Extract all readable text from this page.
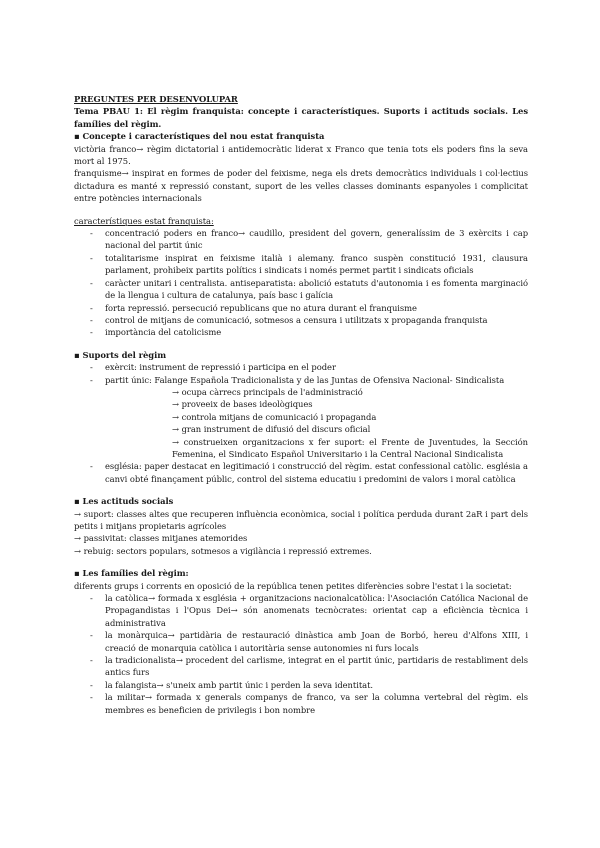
PREGUNTES PER DESENVOLUPAR

Tema PBAU 1: El règim franquista: concepte i característiques. Suports i actituds socials. Les famílies del règim.

▪ Concepte i característiques del nou estat franquista

victòria franco→ règim dictatorial i antidemocràtic liderat x Franco que tenia tots els poders fins la seva mort al 1975.

franquisme→ inspirat en formes de poder del feixisme, nega els drets democràtics individuals i col·lectius dictadura es manté x repressió constant, suport de les velles classes dominants espanyoles i complicitat entre potències internacionals

característiques estat franquista:

- concentració poders en franco→ caudillo, president del govern, generalíssim de 3 exèrcits i cap nacional del partit únic
- totalitarisme inspirat en feixisme italià i alemany. franco suspèn constitució 1931, clausura parlament, prohibeix partits polítics i sindicats i només permet partit i sindicats oficials
- caràcter unitari i centralista. antiseparatista: abolició estatuts d'autonomia i es fomenta marginació de la llengua i cultura de catalunya, país basc i galícia
- forta repressió. persecució republicans que no atura durant el franquisme
- control de mitjans de comunicació, sotmesos a censura i utilitzats x propaganda franquista
- importància del catolicisme

▪ Suports del règim

- exèrcit: instrument de repressió i participa en el poder
- partit únic: Falange Española Tradicionalista y de las Juntas de Ofensiva Nacional- Sindicalista
→ ocupa càrrecs principals de l'administració
→ proveeix de bases ideològiques
→ controla mitjans de comunicació i propaganda
→ gran instrument de difusió del discurs oficial
→ construeixen organitzacions x fer suport: el Frente de Juventudes, la Sección Femenina, el Sindicato Español Universitario i la Central Nacional Sindicalista
- església: paper destacat en legitimació i construcció del règim. estat confessional catòlic. església a canvi obté finançament públic, control del sistema educatiu i predomini de valors i moral catòlica

▪ Les actituds socials

→ suport: classes altes que recuperen influència econòmica, social i política perduda durant 2aR i part dels petits i mitjans propietaris agrícoles

→ passivitat: classes mitjanes atemorides

→ rebuig: sectors populars, sotmesos a vigilància i repressió extremes.

▪ Les famílies del règim:

diferents grups i corrents en oposició de la república tenen petites diferències sobre l'estat i la societat:

- la catòlica→ formada x església + organitzacions nacionalcatòlica: l'Asociación Católica Nacional de Propagandistas i l'Opus Dei→ són anomenats tecnòcrates: orientat cap a eficiència tècnica i administrativa
- la monàrquica→ partidària de restauració dinàstica amb Joan de Borbó, hereu d'Alfons XIII, i creació de monarquia catòlica i autoritària sense autonomies ni furs locals
- la tradicionalista→ procedent del carlisme, integrat en el partit únic, partidaris de restabliment dels antics furs
- la falangista→ s'uneix amb partit únic i perden la seva identitat.
- la militar→ formada x generals companys de franco, va ser la columna vertebral del règim. els membres es beneficien de privilegis i bon nombre
